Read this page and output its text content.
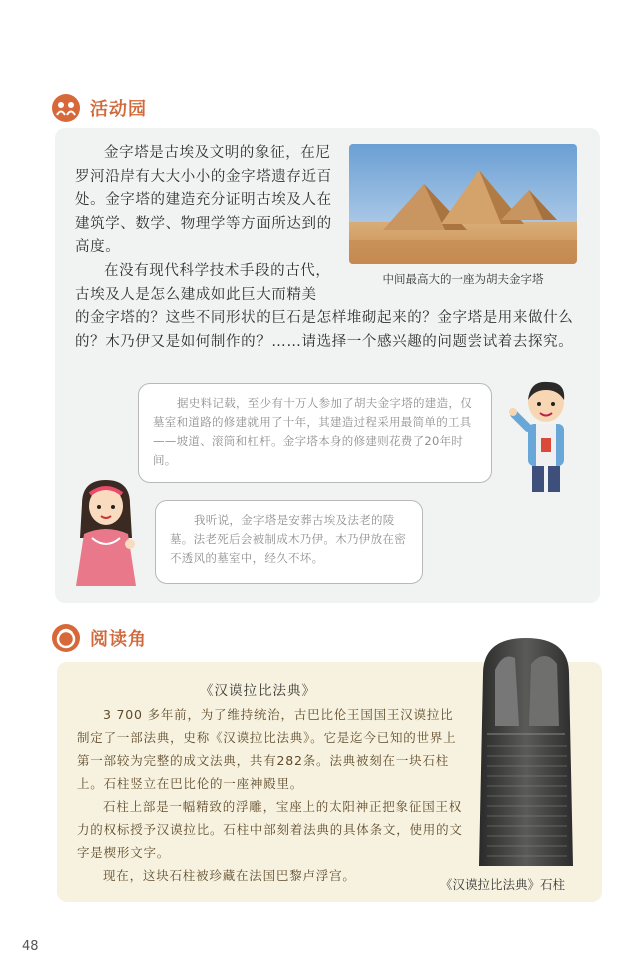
活动园

金字塔是古埃及文明的象征，在尼罗河沿岸有大大小小的金字塔遗存近百处。金字塔的建造充分证明古埃及人在建筑学、数学、物理学等方面所达到的高度。

中间最高大的一座为胡夫金字塔

在没有现代科学技术手段的古代，古埃及人是怎么建成如此巨大而精美

的金字塔的？这些不同形状的巨石是怎样堆砌起来的？金字塔是用来做什么的？木乃伊又是如何制作的？……请选择一个感兴趣的问题尝试着去探究。

据史料记载，至少有十万人参加了胡夫金字塔的建造，仅墓室和道路的修建就用了十年，其建造过程采用最简单的工具——坡道、滚筒和杠杆。金字塔本身的修建则花费了20年时间。
我听说，金字塔是安葬古埃及法老的陵墓。法老死后会被制成木乃伊。木乃伊放在密不透风的墓室中，经久不坏。
阅读角
《汉谟拉比法典》

3 700 多年前，为了维持统治，古巴比伦王国国王汉谟拉比制定了一部法典，史称《汉谟拉比法典》。它是迄今已知的世界上第一部较为完整的成文法典，共有282条。法典被刻在一块石柱上。石柱竖立在巴比伦的一座神殿里。

石柱上部是一幅精致的浮雕，宝座上的太阳神正把象征国王权力的权标授予汉谟拉比。石柱中部刻着法典的具体条文，使用的文字是楔形文字。

现在，这块石柱被珍藏在法国巴黎卢浮宫。

《汉谟拉比法典》石柱
48
